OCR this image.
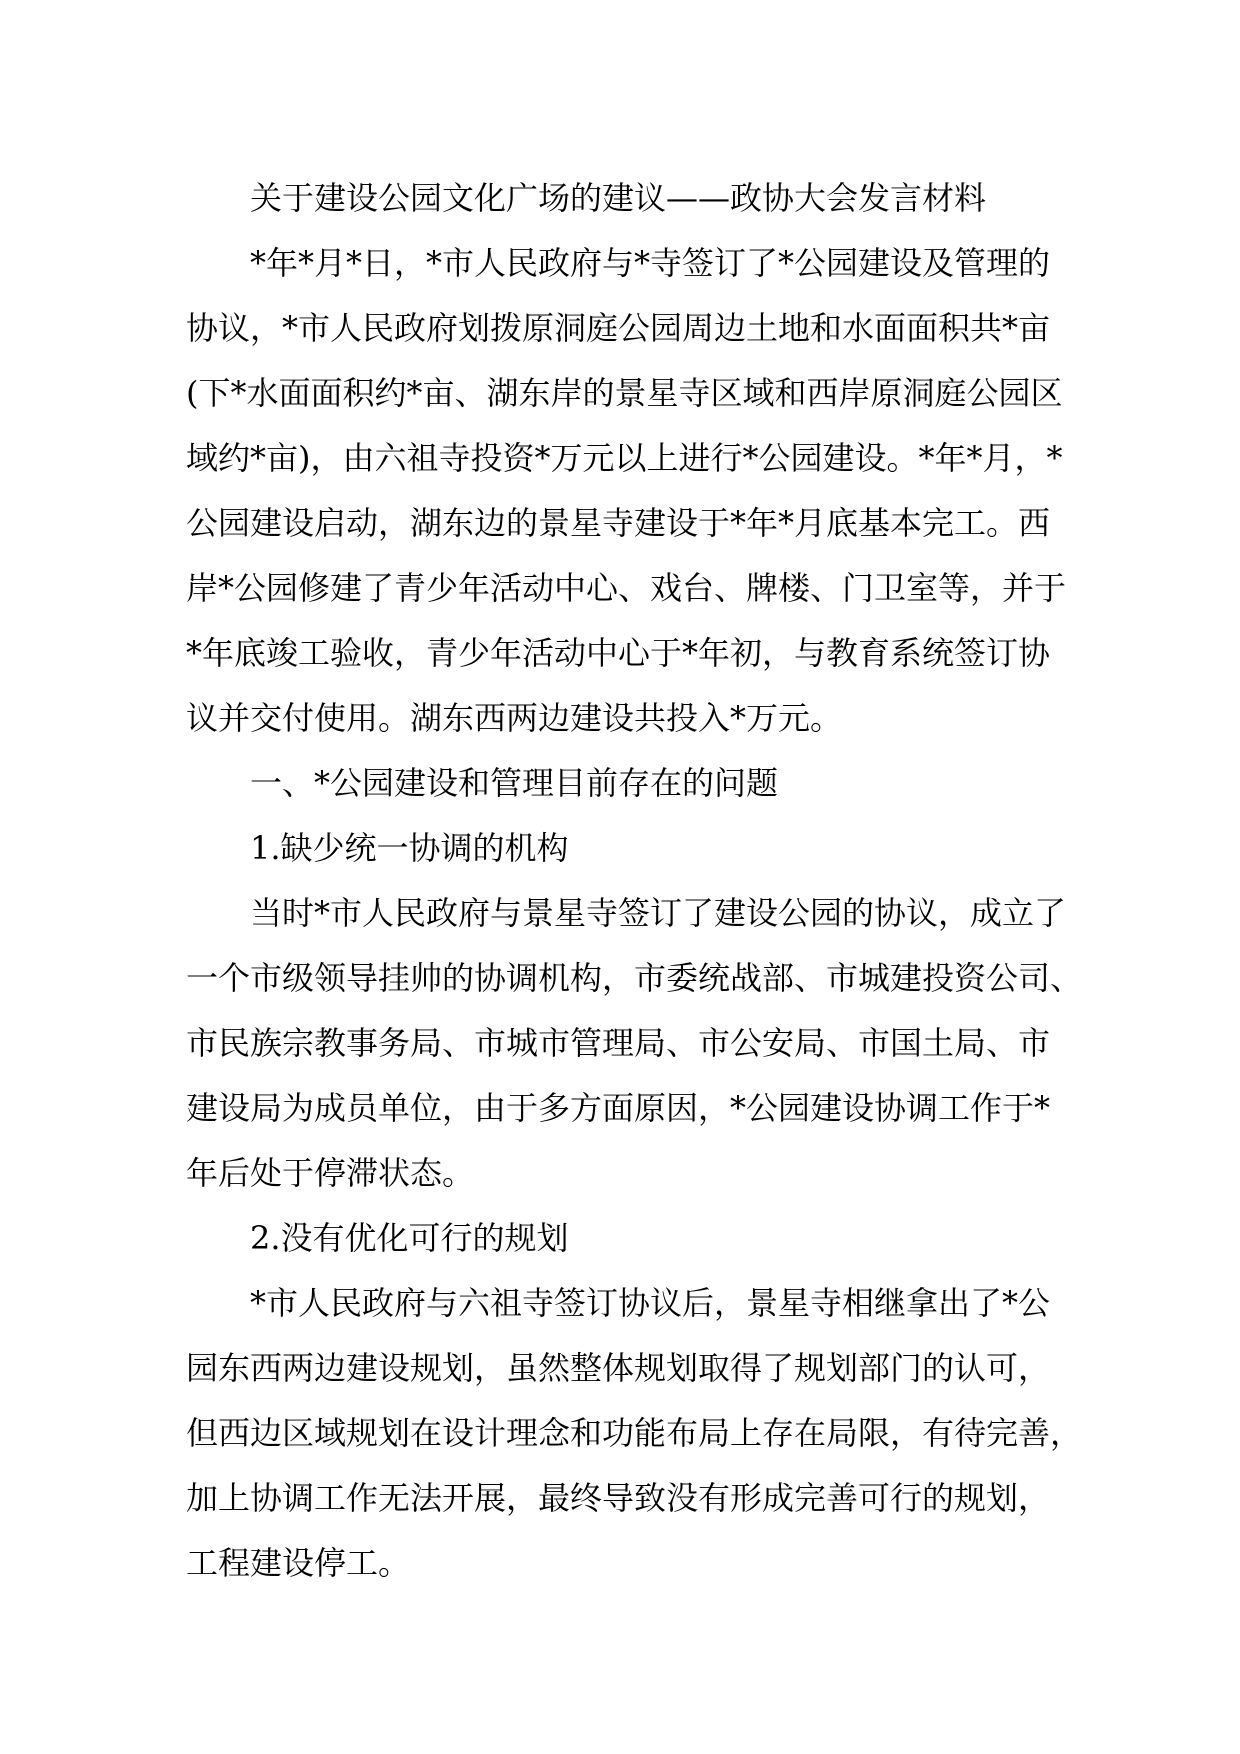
关于建设公园文化广场的建议——政协大会发言材料
*年*月*日，*市人民政府与*寺签订了*公园建设及管理的
协议，*市人民政府划拨原洞庭公园周边土地和水面面积共*亩
(下*水面面积约*亩、湖东岸的景星寺区域和西岸原洞庭公园区
域约*亩)，由六祖寺投资*万元以上进行*公园建设。*年*月，*
公园建设启动，湖东边的景星寺建设于*年*月底基本完工。西
岸*公园修建了青少年活动中心、戏台、牌楼、门卫室等，并于
*年底竣工验收，青少年活动中心于*年初，与教育系统签订协
议并交付使用。湖东西两边建设共投入*万元。
一、*公园建设和管理目前存在的问题
1.缺少统一协调的机构
当时*市人民政府与景星寺签订了建设公园的协议，成立了
一个市级领导挂帅的协调机构，市委统战部、市城建投资公司、
市民族宗教事务局、市城市管理局、市公安局、市国土局、市
建设局为成员单位，由于多方面原因，*公园建设协调工作于*
年后处于停滞状态。
2.没有优化可行的规划
*市人民政府与六祖寺签订协议后，景星寺相继拿出了*公
园东西两边建设规划，虽然整体规划取得了规划部门的认可，
但西边区域规划在设计理念和功能布局上存在局限，有待完善，
加上协调工作无法开展，最终导致没有形成完善可行的规划，
工程建设停工。
